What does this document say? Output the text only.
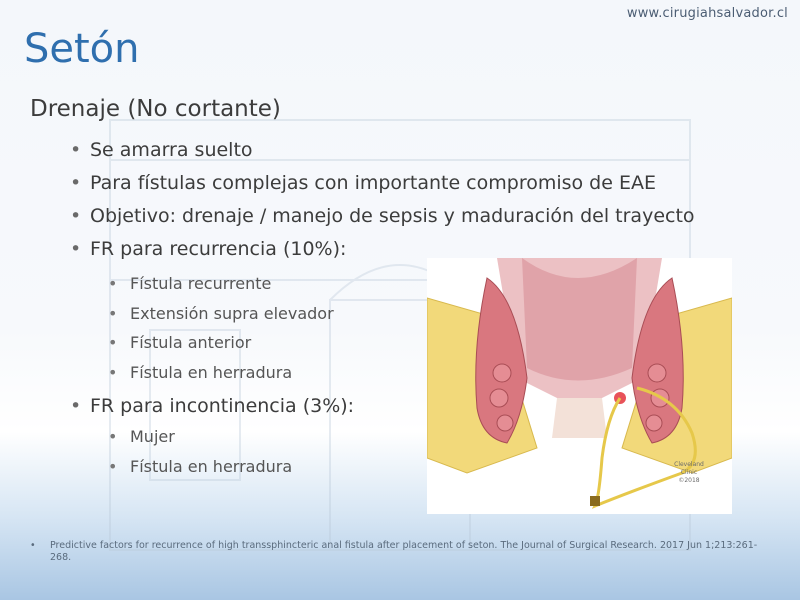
www.cirugiahsalvador.cl
Setón
Drenaje (No cortante)
• Se amarra suelto
• Para fístulas complejas con importante compromiso de EAE
• Objetivo: drenaje / manejo de sepsis y maduración del trayecto
• FR para recurrencia (10%):
• Fístula recurrente
• Extensión supra elevador
• Fístula anterior
• Fístula en herradura
• FR para incontinencia (3%):
• Mujer
• Fístula en herradura	Cleveland
Clinic
©2018
•	Predictive factors for recurrence of high transsphincteric anal fistula after placement of seton. The Journal of Surgical Research. 2017 Jun 1;213:261-268.
